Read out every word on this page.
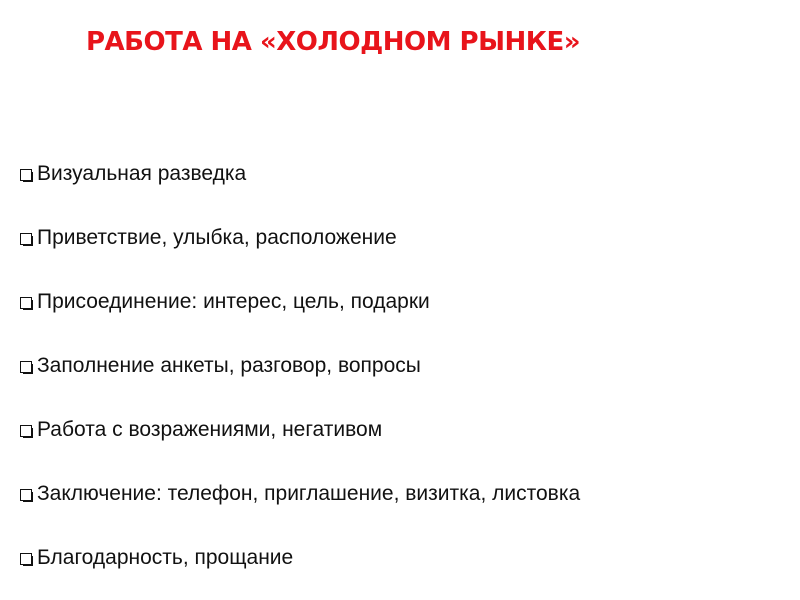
РАБОТА НА «ХОЛОДНОМ РЫНКЕ»
Визуальная разведка
Приветствие, улыбка, расположение
Присоединение: интерес, цель, подарки
Заполнение анкеты, разговор, вопросы
Работа с возражениями, негативом
Заключение: телефон, приглашение, визитка, листовка
Благодарность, прощание
